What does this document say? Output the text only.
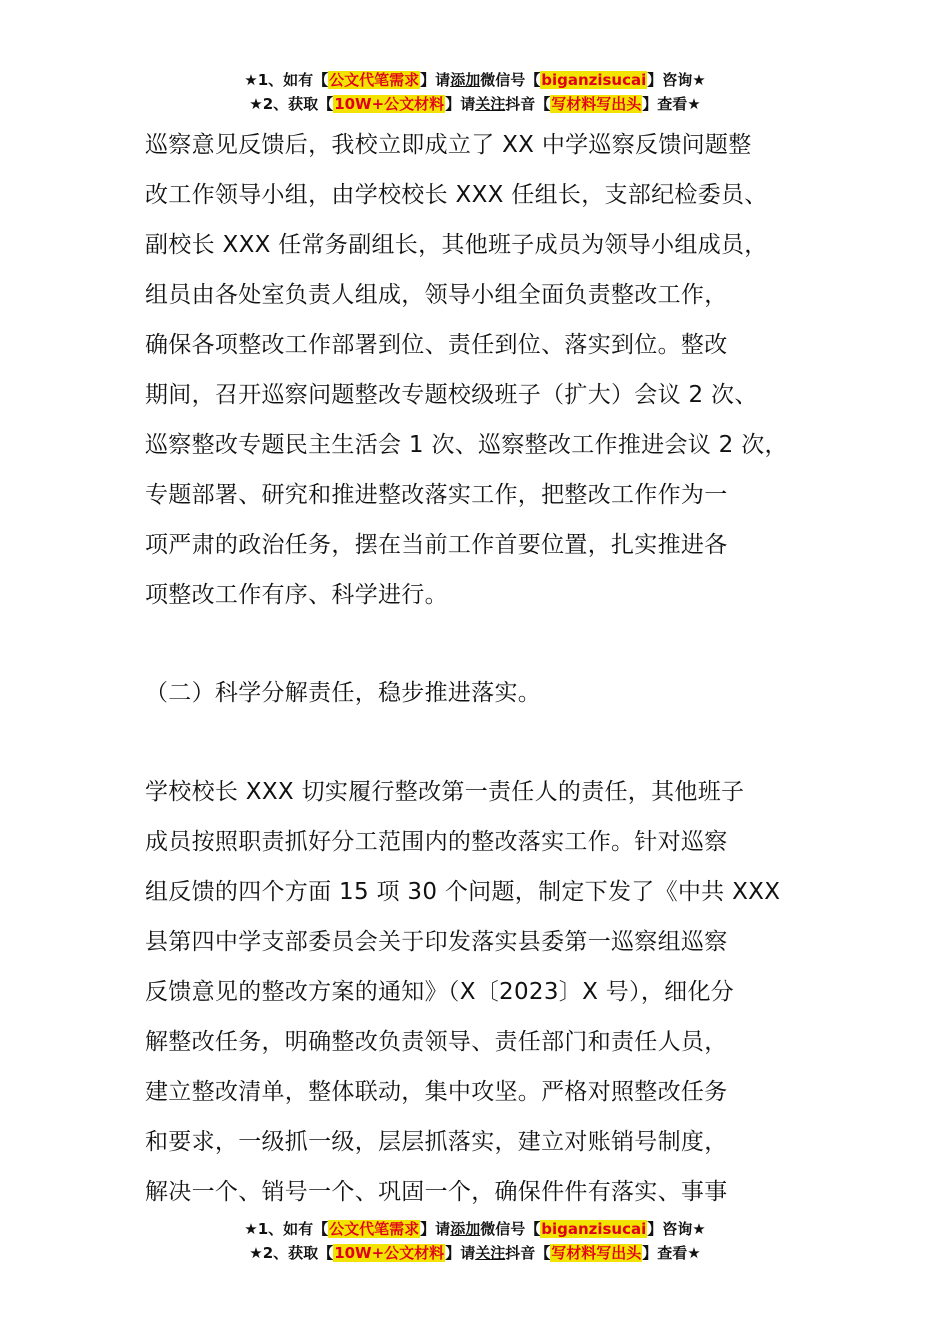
★1、如有【公文代笔需求】请添加微信号【biganzisucai】咨询★
★2、获取【10W+公文材料】请关注抖音【写材料写出头】查看★
巡察意见反馈后，我校立即成立了 XX 中学巡察反馈问题整
改工作领导小组，由学校校长 XXX 任组长，支部纪检委员、
副校长 XXX 任常务副组长，其他班子成员为领导小组成员，
组员由各处室负责人组成，领导小组全面负责整改工作，
确保各项整改工作部署到位、责任到位、落实到位。整改
期间，召开巡察问题整改专题校级班子（扩大）会议 2 次、
巡察整改专题民主生活会 1 次、巡察整改工作推进会议 2 次，
专题部署、研究和推进整改落实工作，把整改工作作为一
项严肃的政治任务，摆在当前工作首要位置，扎实推进各
项整改工作有序、科学进行。
（二）科学分解责任，稳步推进落实。
学校校长 XXX 切实履行整改第一责任人的责任，其他班子
成员按照职责抓好分工范围内的整改落实工作。针对巡察
组反馈的四个方面 15 项 30 个问题，制定下发了《中共 XXX
县第四中学支部委员会关于印发落实县委第一巡察组巡察
反馈意见的整改方案的通知》（X〔2023〕X 号），细化分
解整改任务，明确整改负责领导、责任部门和责任人员，
建立整改清单，整体联动，集中攻坚。严格对照整改任务
和要求，一级抓一级，层层抓落实，建立对账销号制度，
解决一个、销号一个、巩固一个，确保件件有落实、事事
★1、如有【公文代笔需求】请添加微信号【biganzisucai】咨询★
★2、获取【10W+公文材料】请关注抖音【写材料写出头】查看★
